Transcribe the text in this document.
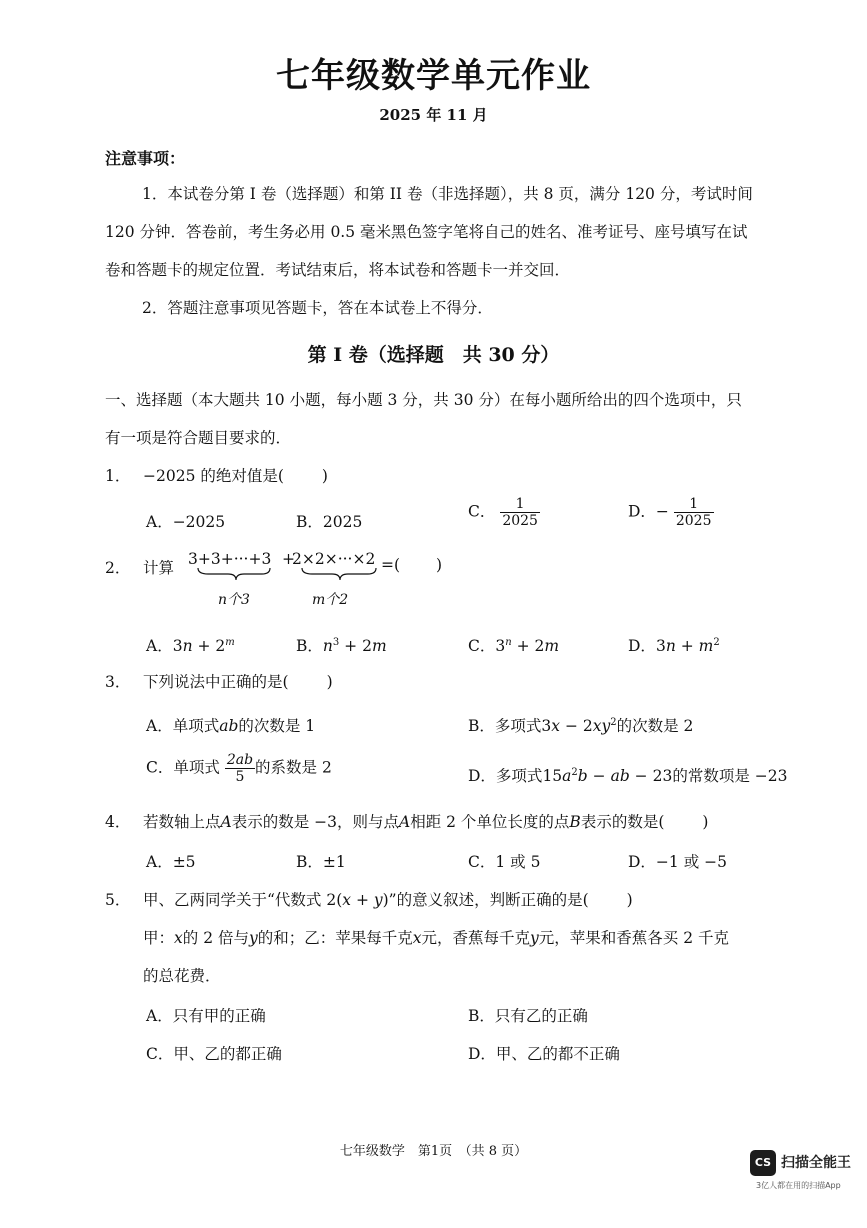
七年级数学单元作业
2025 年 11 月
注意事项：
1．本试卷分第 I 卷（选择题）和第 II 卷（非选择题），共 8 页，满分 120 分，考试时间
120 分钟．答卷前，考生务必用 0.5 毫米黑色签字笔将自己的姓名、准考证号、座号填写在试
卷和答题卡的规定位置．考试结束后，将本试卷和答题卡一并交回．
2．答题注意事项见答题卡，答在本试卷上不得分．
第 I 卷（选择题　共 30 分）
一、选择题（本大题共 10 小题，每小题 3 分，共 30 分）在每小题所给出的四个选项中，只
有一项是符合题目要求的．
1． −2025 的绝对值是( )
A．−2025	B．2025
C． $\frac{1}{2025}$	D．− $\frac{1}{2025}$
2． 计算 3+3+···+3 +
2×2×···×2 =( )
n个3	m个2
A．$3n + 2^m$	B．$n^3 + 2m$	C．$3^n + 2m$	D．$3n + m^2$
3． 下列说法中正确的是( )
A．单项式ab的次数是 1	B．多项式$3x - 2xy^2$的次数是 2
C．单项式 $\frac{2ab}{5}$ 的系数是 2	D．多项式$15a^2b$ − ab − 23的常数项是 −23
4． 若数轴上点A表示的数是 −3，则与点A相距 2 个单位长度的点B表示的数是( )
A．±5	B．±1	C．1 或 5	D．−1 或 −5
5． 甲、乙两同学关于“代数式 2(x + y)”的意义叙述，判断正确的是( )
甲：x的 2 倍与y的和；乙：苹果每千克x元，香蕉每千克y元，苹果和香蕉各买 2 千克
的总花费．
A．只有甲的正确	B．只有乙的正确
C．甲、乙的都正确	D．甲、乙的都不正确
七年级数学　第1页　（共 8 页）
CS 扫描全能王
3亿人都在用的扫描App
